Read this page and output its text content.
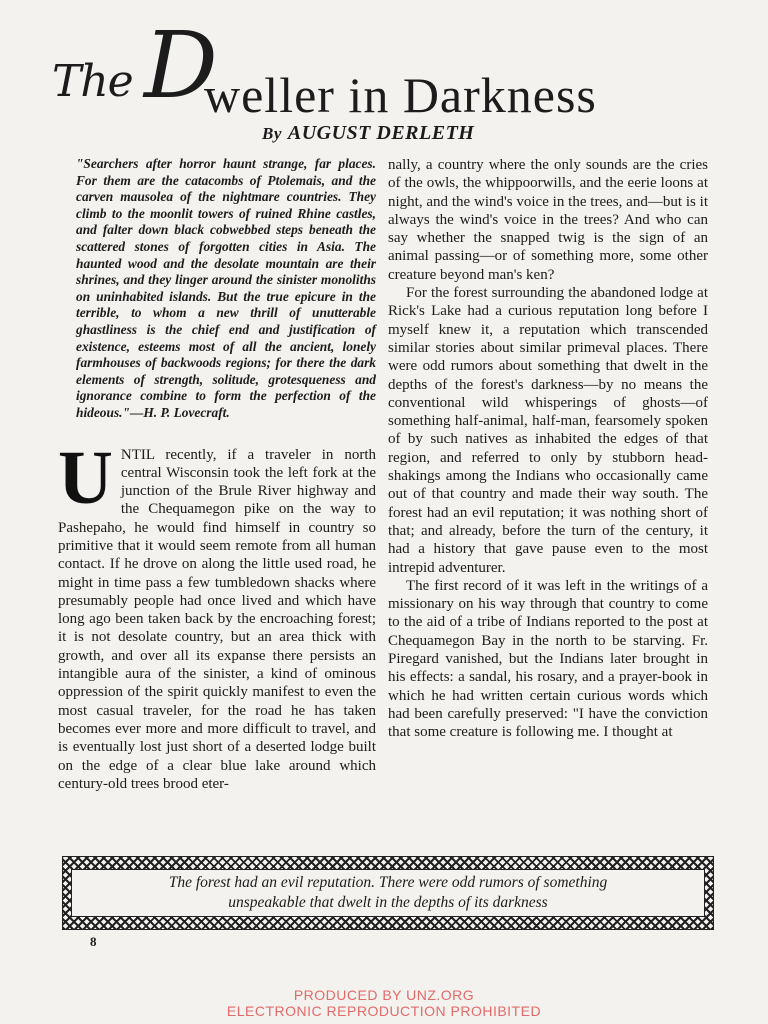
The D
weller in Darkness
By AUGUST DERLETH

"Searchers after horror haunt strange, far places. For them are the catacombs of Ptolemais, and the carven mausolea of the nightmare countries. They climb to the moonlit towers of ruined Rhine castles, and falter down black cobwebbed steps beneath the scattered stones of forgotten cities in Asia. The haunted wood and the desolate mountain are their shrines, and they linger around the sinister monoliths on uninhabited islands. But the true epicure in the terrible, to whom a new thrill of unutterable ghastliness is the chief end and justification of existence, esteems most of all the ancient, lonely farmhouses of backwoods regions; for there the dark elements of strength, solitude, grotesqueness and ignorance combine to form the perfection of the hideous."—H. P. Lovecraft.

UNTIL recently, if a traveler in north central Wisconsin took the left fork at the junction of the Brule River highway and the Chequamegon pike on the way to Pashepaho, he would find himself in country so primitive that it would seem remote from all human contact. If he drove on along the little used road, he might in time pass a few tumbledown shacks where presumably people had once lived and which have long ago been taken back by the encroaching forest; it is not desolate country, but an area thick with growth, and over all its expanse there persists an intangible aura of the sinister, a kind of ominous oppression of the spirit quickly manifest to even the most casual traveler, for the road he has taken becomes ever more and more difficult to travel, and is eventually lost just short of a deserted lodge built on the edge of a clear blue lake around which century-old trees brood eter-

nally, a country where the only sounds are the cries of the owls, the whippoorwills, and the eerie loons at night, and the wind's voice in the trees, and—but is it always the wind's voice in the trees? And who can say whether the snapped twig is the sign of an animal passing—or of something more, some other creature beyond man's ken?

For the forest surrounding the abandoned lodge at Rick's Lake had a curious reputation long before I myself knew it, a reputation which transcended similar stories about similar primeval places. There were odd rumors about something that dwelt in the depths of the forest's darkness—by no means the conventional wild whisperings of ghosts—of something half-animal, half-man, fearsomely spoken of by such natives as inhabited the edges of that region, and referred to only by stubborn head-shakings among the Indians who occasionally came out of that country and made their way south. The forest had an evil reputation; it was nothing short of that; and already, before the turn of the century, it had a history that gave pause even to the most intrepid adventurer.

The first record of it was left in the writings of a missionary on his way through that country to come to the aid of a tribe of Indians reported to the post at Chequamegon Bay in the north to be starving. Fr. Piregard vanished, but the Indians later brought in his effects: a sandal, his rosary, and a prayer-book in which he had written certain curious words which had been carefully preserved: "I have the conviction that some creature is following me. I thought at

The forest had an evil reputation. There were odd rumors of something
unspeakable that dwelt in the depths of its darkness
8
PRODUCED BY UNZ.ORG
ELECTRONIC REPRODUCTION PROHIBITED
